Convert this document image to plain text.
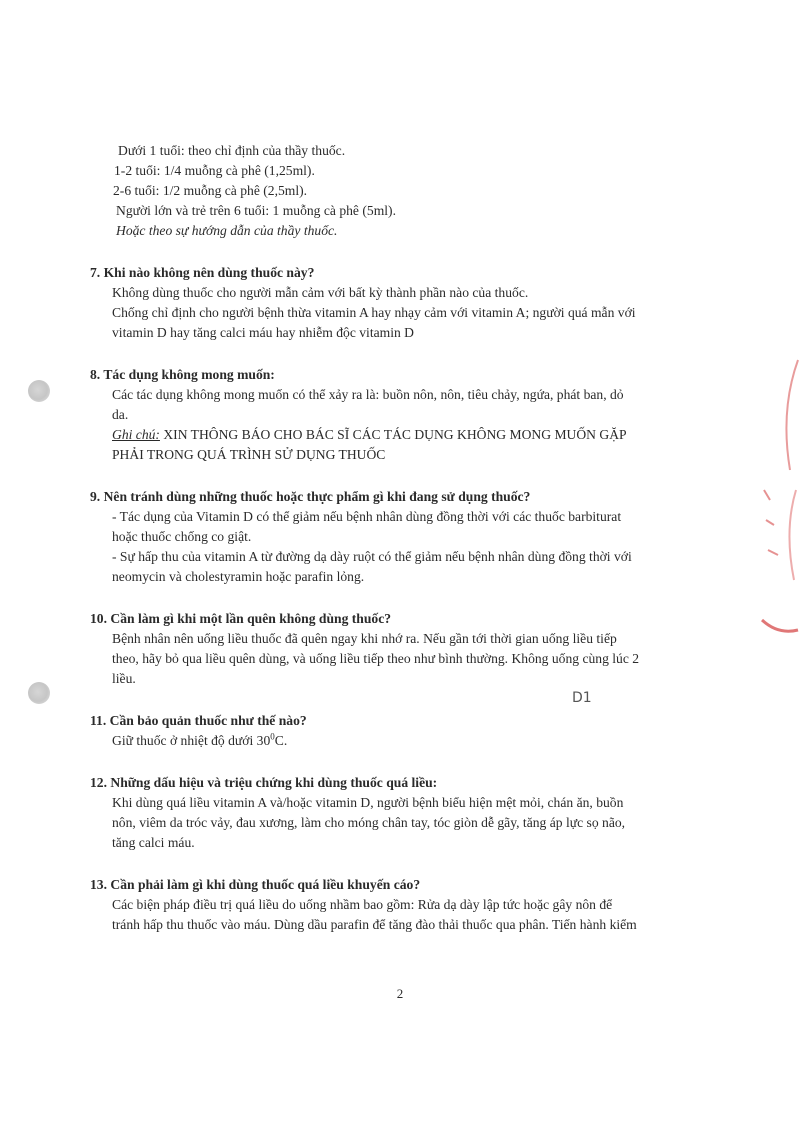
Dưới 1 tuổi: theo chỉ định của thầy thuốc.
1-2 tuổi: 1/4 muỗng cà phê (1,25ml).
2-6 tuổi: 1/2 muỗng cà phê (2,5ml).
Người lớn và trẻ trên 6 tuổi: 1 muỗng cà phê (5ml).
Hoặc theo sự hướng dẫn của thầy thuốc.
7. Khi nào không nên dùng thuốc này?
Không dùng thuốc cho người mẫn cảm với bất kỳ thành phần nào của thuốc.
Chống chỉ định cho người bệnh thừa vitamin A hay nhạy cảm với vitamin A; người quá mẫn với
vitamin D hay tăng calci máu hay nhiễm độc vitamin D
8. Tác dụng không mong muốn:
Các tác dụng không mong muốn có thể xảy ra là: buồn nôn, nôn, tiêu chảy, ngứa, phát ban, dỏ
da.
Ghi chú: XIN THÔNG BÁO CHO BÁC SĨ CÁC TÁC DỤNG KHÔNG MONG MUỐN GẶP
PHẢI TRONG QUÁ TRÌNH SỬ DỤNG THUỐC
9. Nên tránh dùng những thuốc hoặc thực phẩm gì khi đang sử dụng thuốc?
- Tác dụng của Vitamin D có thể giảm nếu bệnh nhân dùng đồng thời với các thuốc barbiturat
hoặc thuốc chống co giật.
- Sự hấp thu của vitamin A từ đường dạ dày ruột có thể giảm nếu bệnh nhân dùng đồng thời với
neomycin và cholestyramin hoặc parafin lỏng.
10. Cần làm gì khi một lần quên không dùng thuốc?
Bệnh nhân nên uống liều thuốc đã quên ngay khi nhớ ra. Nếu gần tới thời gian uống liều tiếp
theo, hãy bỏ qua liều quên dùng, và uống liều tiếp theo như bình thường. Không uống cùng lúc 2
liều.
D1
11. Cần bảo quản thuốc như thế nào?
Giữ thuốc ở nhiệt độ dưới $30^0C$.
12. Những dấu hiệu và triệu chứng khi dùng thuốc quá liều:
Khi dùng quá liều vitamin A và/hoặc vitamin D, người bệnh biểu hiện mệt mỏi, chán ăn, buồn
nôn, viêm da tróc vảy, đau xương, làm cho móng chân tay, tóc giòn dễ gãy, tăng áp lực sọ não,
tăng calci máu.
13. Cần phải làm gì khi dùng thuốc quá liều khuyến cáo?
Các biện pháp điều trị quá liều do uống nhầm bao gồm: Rửa dạ dày lập tức hoặc gây nôn để
tránh hấp thu thuốc vào máu. Dùng dầu parafin để tăng đào thải thuốc qua phân. Tiến hành kiểm
2
